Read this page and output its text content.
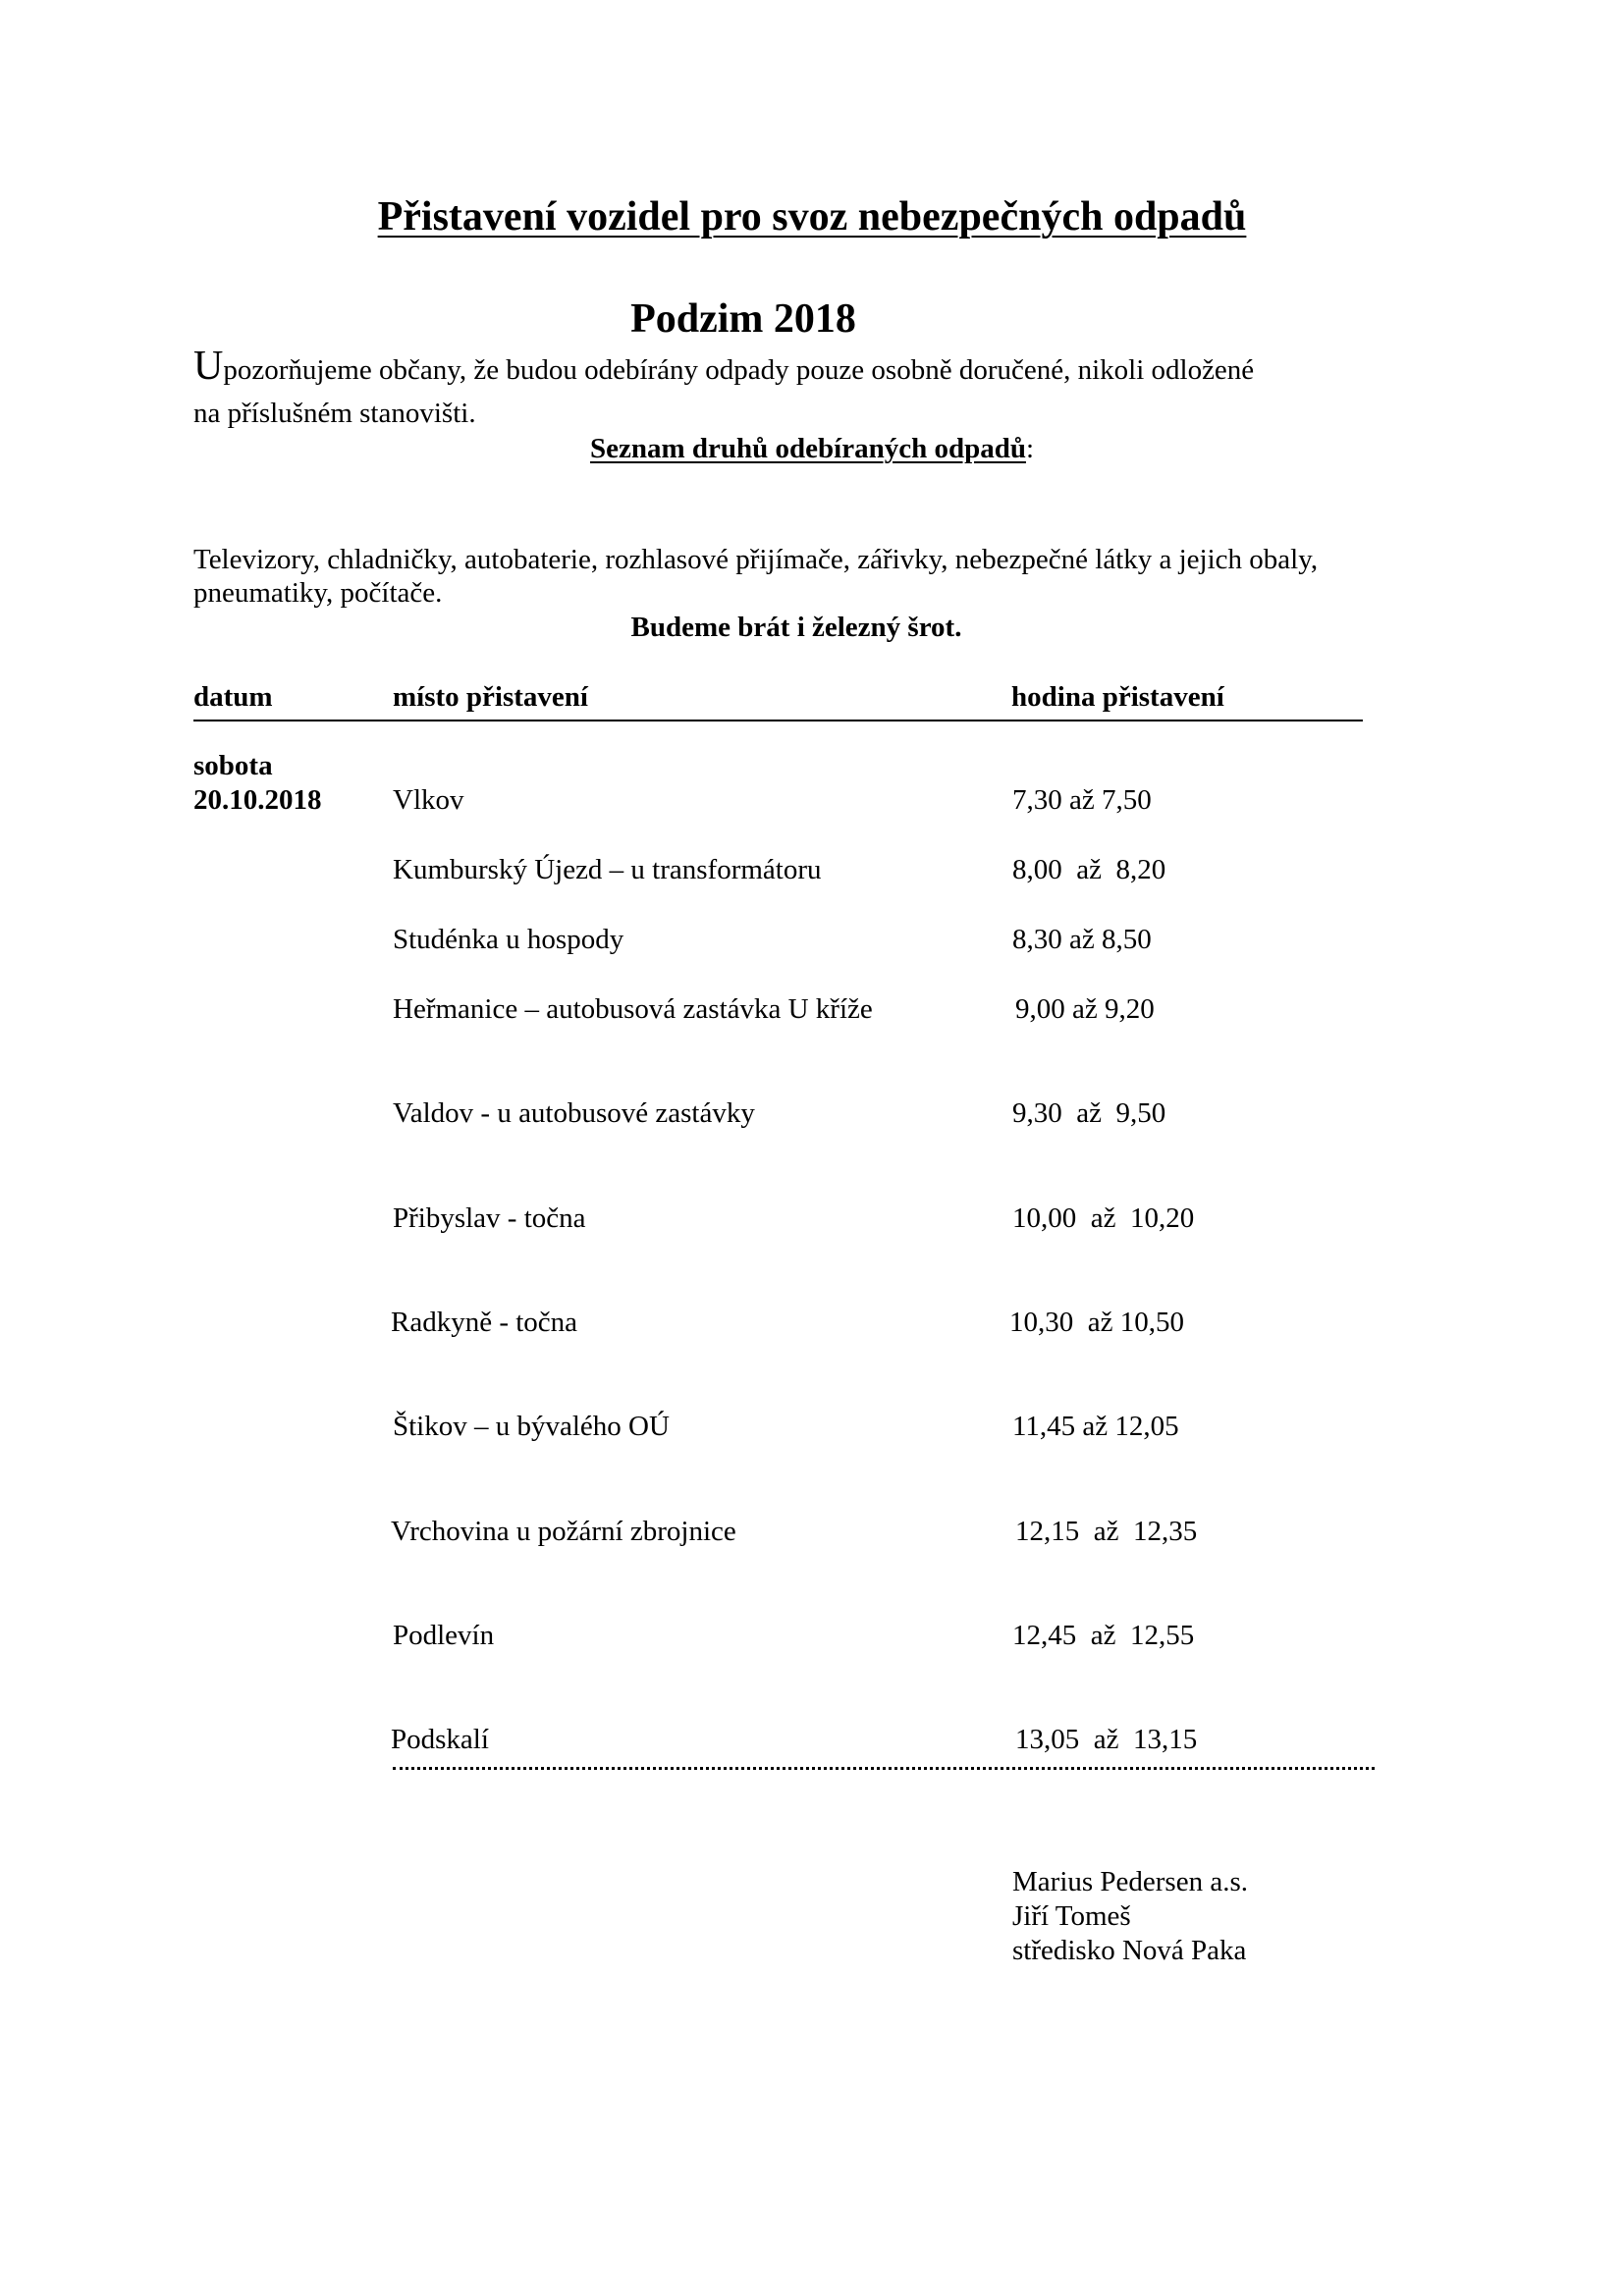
Přistavení vozidel pro svoz nebezpečných odpadů
Podzim 2018
Upozorňujeme občany, že budou odebírány odpady pouze osobně doručené, nikoli odložené
na příslušném stanovišti.
Seznam druhů odebíraných odpadů:
Televizory, chladničky, autobaterie, rozhlasové přijímače, zářivky, nebezpečné látky a jejich obaly,
pneumatiky, počítače.
Budeme brát i železný šrot.
datum	místo přistavení	hodina přistavení
sobota
20.10.2018	Vlkov	7,30 až 7,50
Kumburský Újezd – u transformátoru	8,00  až  8,20
Studénka u hospody	8,30 až 8,50
Heřmanice – autobusová zastávka U kříže	9,00 až 9,20
Valdov - u autobusové zastávky	9,30  až  9,50
Přibyslav - točna	10,00  až  10,20
Radkyně - točna	10,30  až 10,50
Štikov – u bývalého OÚ	11,45 až 12,05
Vrchovina u požární zbrojnice	12,15  až  12,35
Podlevín	12,45  až  12,55
Podskalí	13,05  až  13,15
Marius Pedersen a.s.
Jiří Tomeš
středisko Nová Paka
